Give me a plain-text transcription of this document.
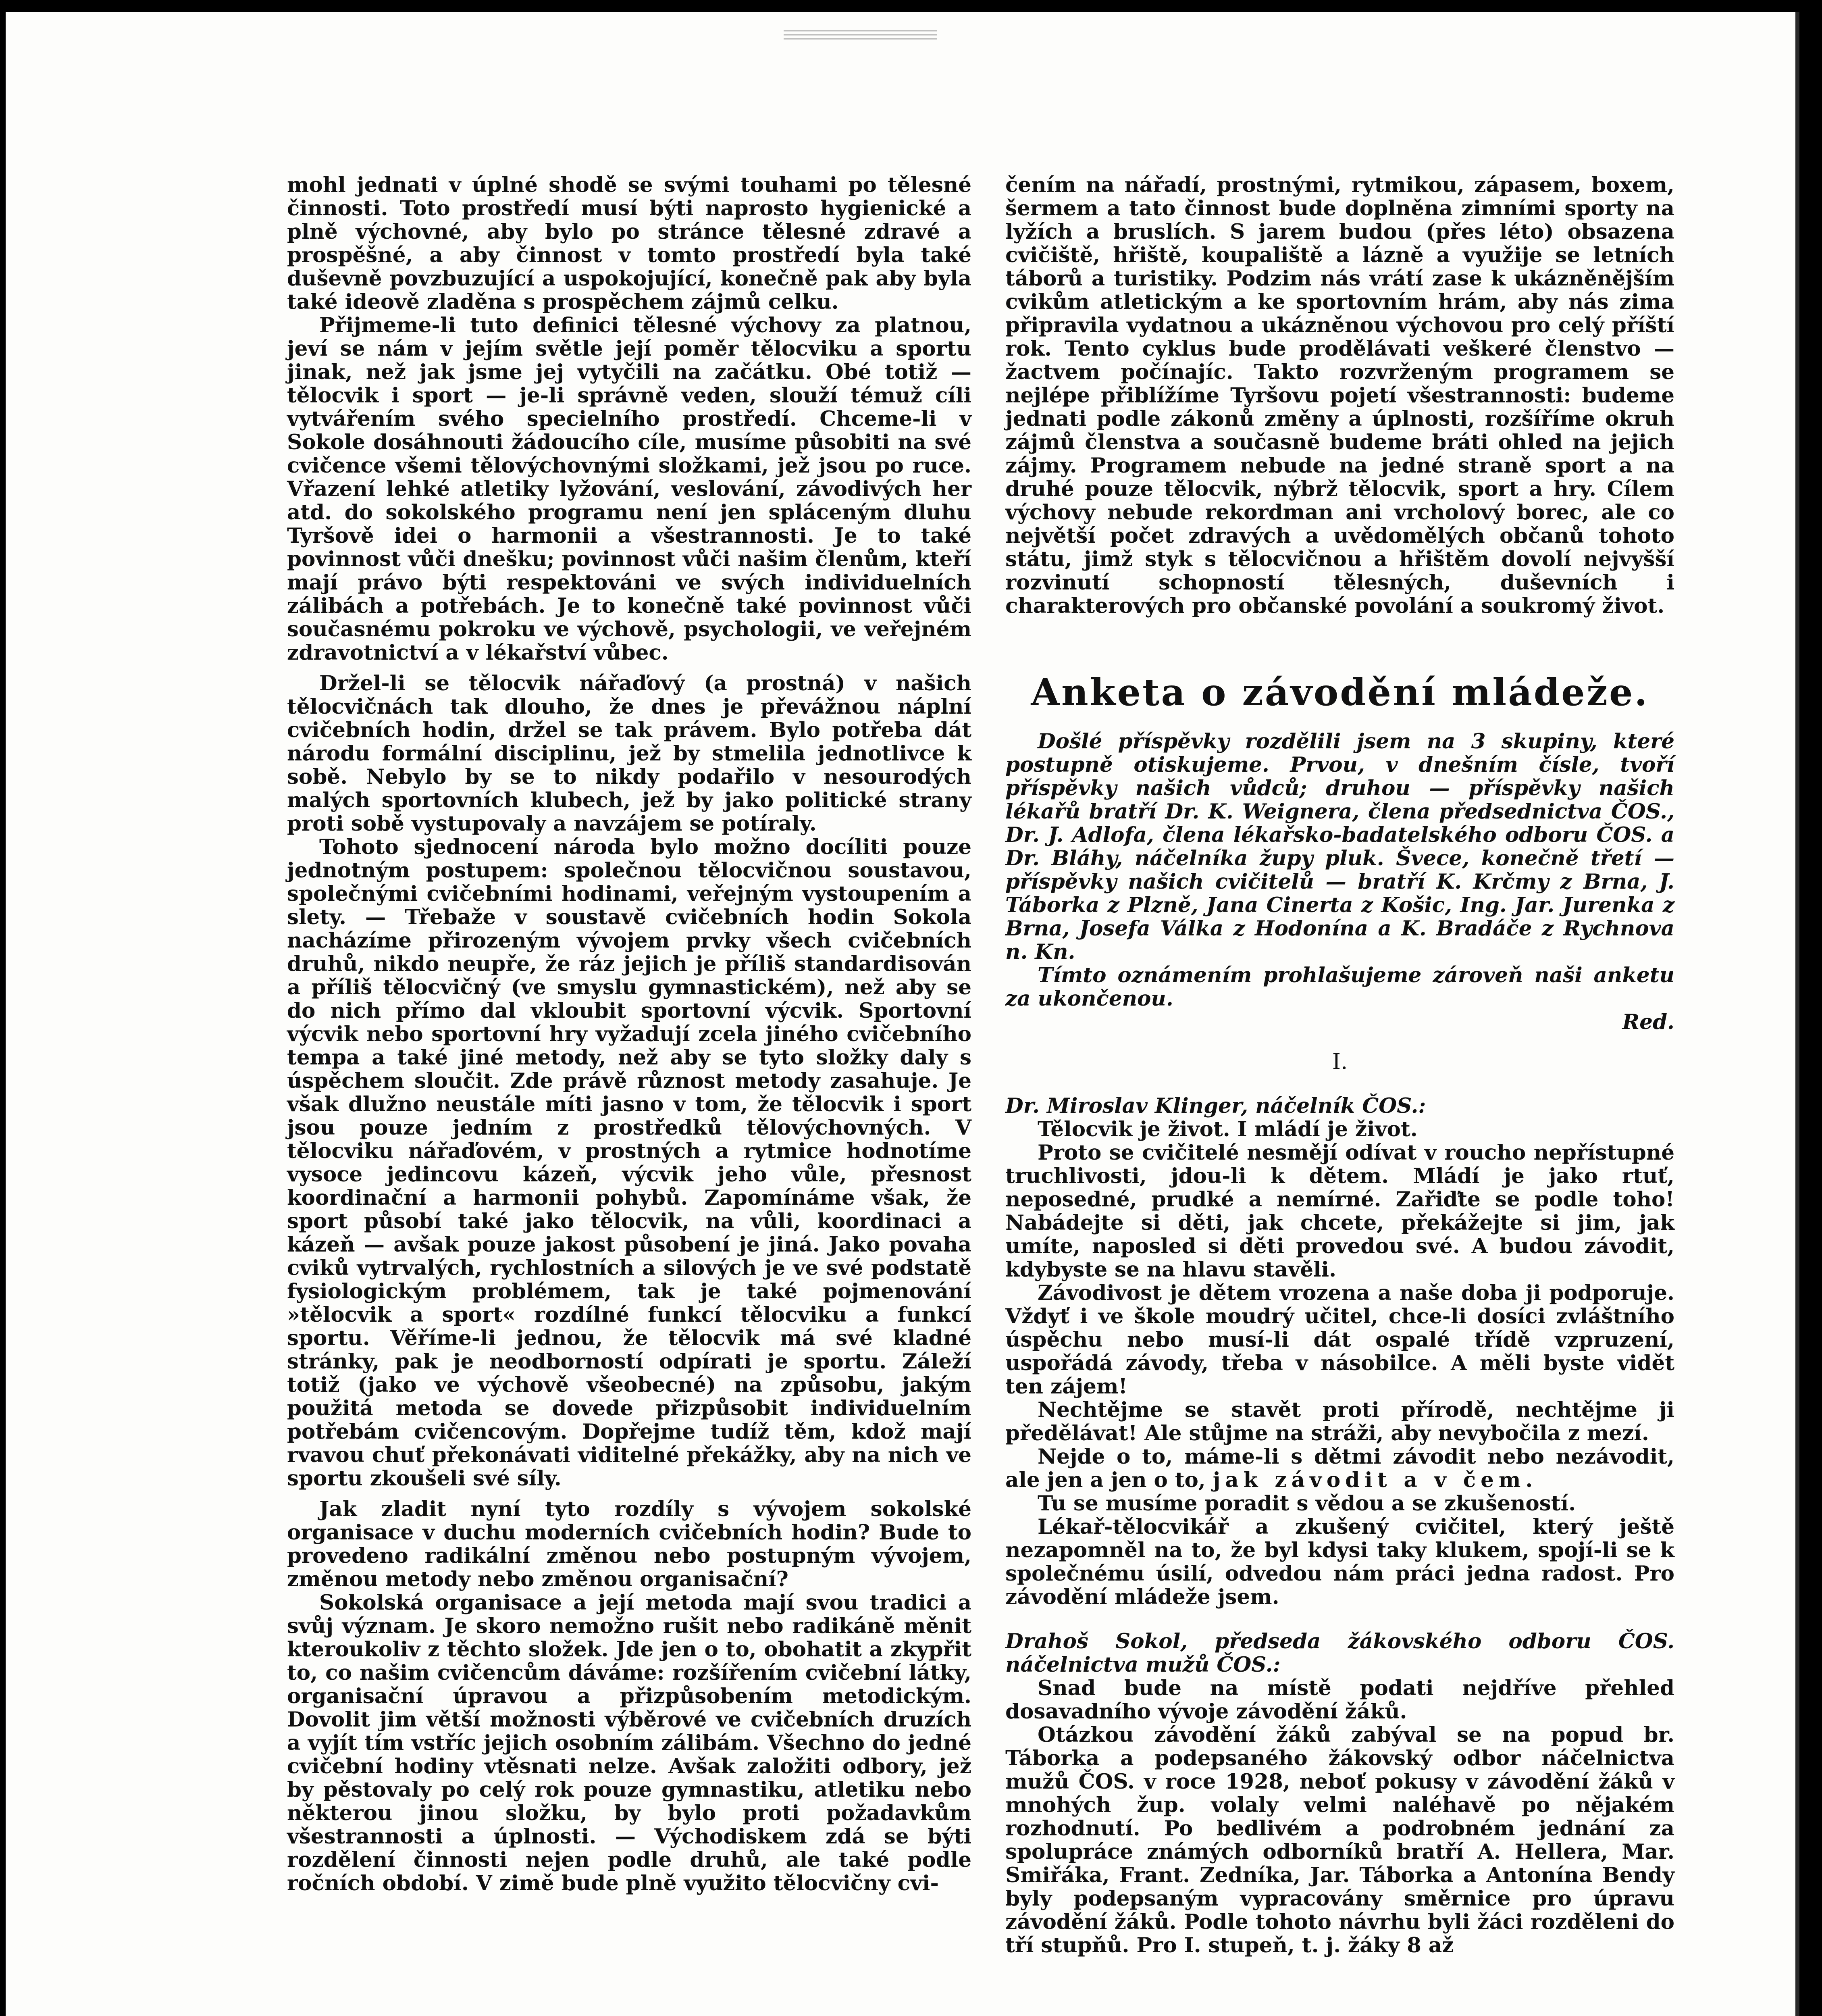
mohl jednati v úplné shodě se svými touhami po tělesné činnosti. Toto prostředí musí býti naprosto hygienické a plně výchovné, aby bylo po stránce tělesné zdravé a prospěšné, a aby činnost v tomto prostředí byla také duševně povzbuzující a uspokojující, konečně pak aby byla také ideově zladěna s prospěchem zájmů celku.

Přijmeme-li tuto definici tělesné výchovy za platnou, jeví se nám v jejím světle její poměr tělocviku a sportu jinak, než jak jsme jej vytyčili na začátku. Obé totiž — tělocvik i sport — je-li správně veden, slouží témuž cíli vytvářením svého specielního prostředí. Chceme-li v Sokole dosáhnouti žádoucího cíle, musíme působiti na své cvičence všemi tělovýchovnými složkami, jež jsou po ruce. Vřazení lehké atletiky lyžování, veslování, závodivých her atd. do sokolského programu není jen spláceným dluhu Tyršově idei o harmonii a všestrannosti. Je to také povinnost vůči dnešku; povinnost vůči našim členům, kteří mají právo býti respektováni ve svých individuelních zálibách a potřebách. Je to konečně také povinnost vůči současnému pokroku ve výchově, psychologii, ve veřejném zdravotnictví a v lékařství vůbec.

Držel-li se tělocvik nářaďový (a prostná) v našich tělocvičnách tak dlouho, že dnes je převážnou náplní cvičebních hodin, držel se tak právem. Bylo potřeba dát národu formální disciplinu, jež by stmelila jednotlivce k sobě. Nebylo by se to nikdy podařilo v nesourodých malých sportovních klubech, jež by jako politické strany proti sobě vystupovaly a navzájem se potíraly.

Tohoto sjednocení národa bylo možno docíliti pouze jednotným postupem: společnou tělocvičnou soustavou, společnými cvičebními hodinami, veřejným vystoupením a slety. — Třebaže v soustavě cvičebních hodin Sokola nacházíme přirozeným vývojem prvky všech cvičebních druhů, nikdo neupře, že ráz jejich je příliš standardisován a příliš tělocvičný (ve smyslu gymnastickém), než aby se do nich přímo dal vkloubit sportovní výcvik. Sportovní výcvik nebo sportovní hry vyžadují zcela jiného cvičebního tempa a také jiné metody, než aby se tyto složky daly s úspěchem sloučit. Zde právě různost metody zasahuje. Je však dlužno neustále míti jasno v tom, že tělocvik i sport jsou pouze jedním z prostředků tělovýchovných. V tělocviku nářaďovém, v prostných a rytmice hodnotíme vysoce jedincovu kázeň, výcvik jeho vůle, přesnost koordinační a harmonii pohybů. Zapomínáme však, že sport působí také jako tělocvik, na vůli, koordinaci a kázeň — avšak pouze jakost působení je jiná. Jako povaha cviků vytrvalých, rychlostních a silových je ve své podstatě fysiologickým problémem, tak je také pojmenování »tělocvik a sport« rozdílné funkcí tělocviku a funkcí sportu. Věříme-li jednou, že tělocvik má své kladné stránky, pak je neodborností odpírati je sportu. Záleží totiž (jako ve výchově všeobecné) na způsobu, jakým použitá metoda se dovede přizpůsobit individuelním potřebám cvičencovým. Dopřejme tudíž těm, kdož mají rvavou chuť překonávati viditelné překážky, aby na nich ve sportu zkoušeli své síly.

Jak zladit nyní tyto rozdíly s vývojem sokolské organisace v duchu moderních cvičebních hodin? Bude to provedeno radikální změnou nebo postupným vývojem, změnou metody nebo změnou organisační?

Sokolská organisace a její metoda mají svou tradici a svůj význam. Je skoro nemožno rušit nebo radikáně měnit kteroukoliv z těchto složek. Jde jen o to, obohatit a zkypřit to, co našim cvičencům dáváme: rozšířením cvičební látky, organisační úpravou a přizpůsobením metodickým. Dovolit jim větší možnosti výběrové ve cvičebních druzích a vyjít tím vstříc jejich osobním zálibám. Všechno do jedné cvičební hodiny vtěsnati nelze. Avšak založiti odbory, jež by pěstovaly po celý rok pouze gymnastiku, atletiku nebo některou jinou složku, by bylo proti požadavkům všestrannosti a úplnosti. — Východiskem zdá se býti rozdělení činnosti nejen podle druhů, ale také podle ročních období. V zimě bude plně využito tělocvičny cvi-

čením na nářadí, prostnými, rytmikou, zápasem, boxem, šermem a tato činnost bude doplněna zimními sporty na lyžích a bruslích. S jarem budou (přes léto) obsazena cvičiště, hřiště, koupaliště a lázně a využije se letních táborů a turistiky. Podzim nás vrátí zase k ukázněnějším cvikům atletickým a ke sportovním hrám, aby nás zima připravila vydatnou a ukázněnou výchovou pro celý příští rok. Tento cyklus bude prodělávati veškeré členstvo — žactvem počínajíc. Takto rozvrženým programem se nejlépe přiblížíme Tyršovu pojetí všestrannosti: budeme jednati podle zákonů změny a úplnosti, rozšíříme okruh zájmů členstva a současně budeme bráti ohled na jejich zájmy. Programem nebude na jedné straně sport a na druhé pouze tělocvik, nýbrž tělocvik, sport a hry. Cílem výchovy nebude rekordman ani vrcholový borec, ale co největší počet zdravých a uvědomělých občanů tohoto státu, jimž styk s tělocvičnou a hřištěm dovolí nejvyšší rozvinutí schopností tělesných, duševních i charakterových pro občanské povolání a soukromý život.

Anketa o závodění mládeže.

Došlé příspěvky rozdělili jsem na 3 skupiny, které postupně otiskujeme. Prvou, v dnešním čísle, tvoří příspěvky našich vůdců; druhou — příspěvky našich lékařů bratří Dr. K. Weignera, člena předsednictva ČOS., Dr. J. Adlofa, člena lékařsko-badatelského odboru ČOS. a Dr. Bláhy, náčelníka župy pluk. Švece, konečně třetí — příspěvky našich cvičitelů — bratří K. Krčmy z Brna, J. Táborka z Plzně, Jana Cinerta z Košic, Ing. Jar. Jurenka z Brna, Josefa Válka z Hodonína a K. Bradáče z Rychnova n. Kn.

Tímto oznámením prohlašujeme zároveň naši anketu za ukončenou.

Red.
I.

Dr. Miroslav Klinger, náčelník ČOS.:

Tělocvik je život. I mládí je život.

Proto se cvičitelé nesmějí odívat v roucho nepřístupné truchlivosti, jdou-li k dětem. Mládí je jako rtuť, neposedné, prudké a nemírné. Zařiďte se podle toho! Nabádejte si děti, jak chcete, překážejte si jim, jak umíte, naposled si děti provedou své. A budou závodit, kdybyste se na hlavu stavěli.

Závodivost je dětem vrozena a naše doba ji podporuje. Vždyť i ve škole moudrý učitel, chce-li dosíci zvláštního úspěchu nebo musí-li dát ospalé třídě vzpruzení, uspořádá závody, třeba v násobilce. A měli byste vidět ten zájem!

Nechtějme se stavět proti přírodě, nechtějme ji předělávat! Ale stůjme na stráži, aby nevybočila z mezí.

Nejde o to, máme-li s dětmi závodit nebo nezávodit, ale jen a jen o to, jak závodit a v čem.

Tu se musíme poradit s vědou a se zkušeností.

Lékař-tělocvikář a zkušený cvičitel, který ještě nezapomněl na to, že byl kdysi taky klukem, spojí-li se k společnému úsilí, odvedou nám práci jedna radost. Pro závodění mládeže jsem.

Drahoš Sokol, předseda žákovského odboru ČOS. náčelnictva mužů ČOS.:

Snad bude na místě podati nejdříve přehled dosavadního vývoje závodění žáků.

Otázkou závodění žáků zabýval se na popud br. Táborka a podepsaného žákovský odbor náčelnictva mužů ČOS. v roce 1928, neboť pokusy v závodění žáků v mnohých žup. volaly velmi naléhavě po nějakém rozhodnutí. Po bedlivém a podrobném jednání za spolupráce známých odborníků bratří A. Hellera, Mar. Smiřáka, Frant. Zedníka, Jar. Táborka a Antonína Bendy byly podepsaným vypracovány směrnice pro úpravu závodění žáků. Podle tohoto návrhu byli žáci rozděleni do tří stupňů. Pro I. stupeň, t. j. žáky 8 až
